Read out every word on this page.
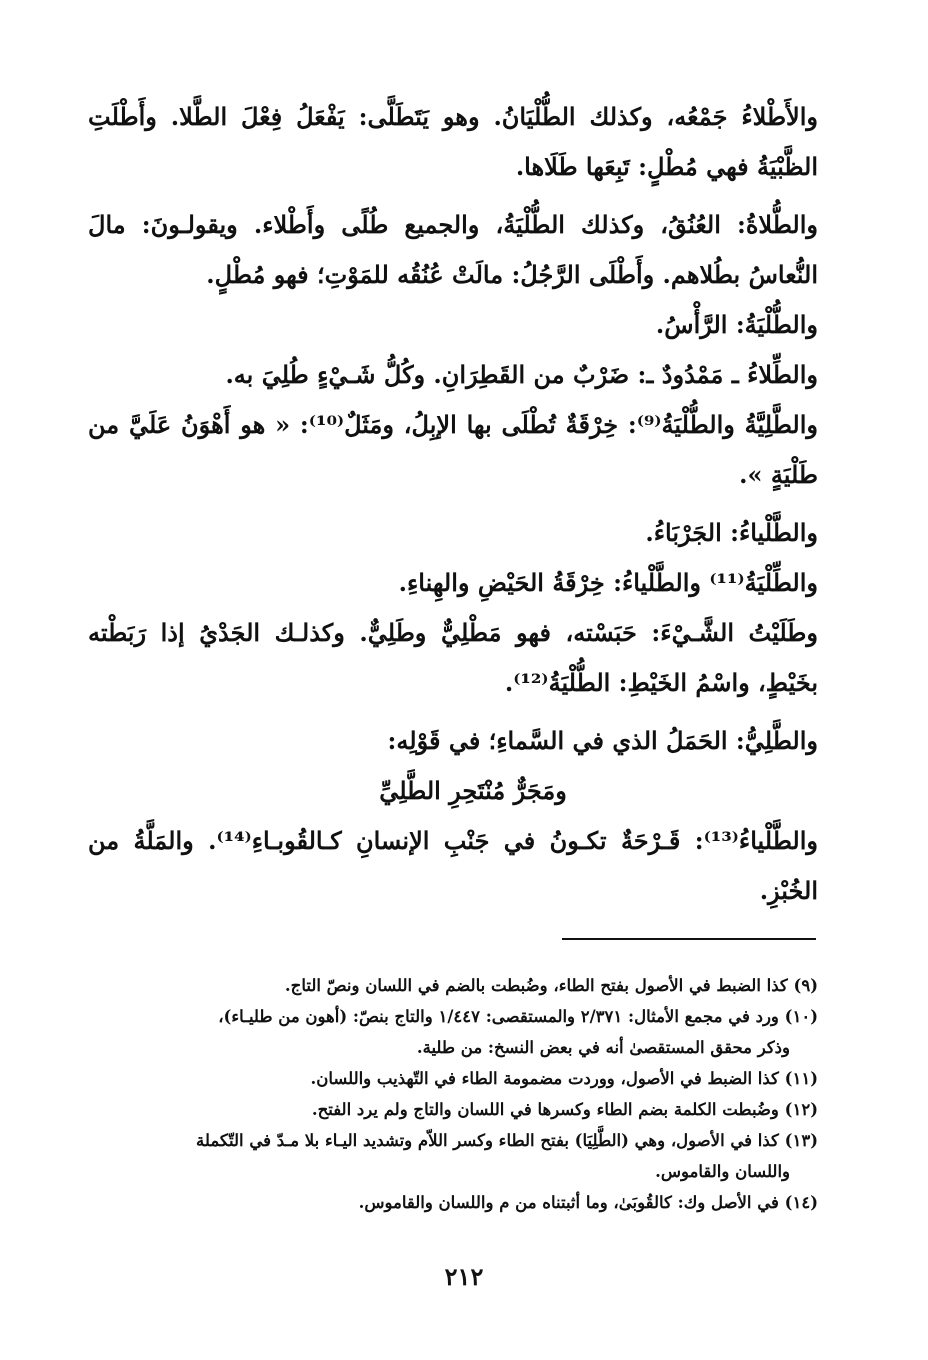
والأَطْلاءُ جَمْعُه، وكذلك الطُّلْيَانُ. وهو يَتَطَلَّى: يَفْعَلُ فِعْلَ الطَّلا. وأَطْلَتِ الظَّبْيَةُ فهي مُطْلٍ: تَبِعَها طَلَاها.

والطُّلاةُ: العُنُقُ، وكذلك الطُّلْيَةُ، والجميع طُلًى وأَطْلاء. ويقولـونَ: مالَ النُّعاسُ بطُلاهم. وأَطْلَى الرَّجُلُ: مالَتْ عُنُقُه للمَوْتِ؛ فهو مُطْلٍ.

والطُّلْيَةُ: الرَّأْسُ.

والطِّلاءُ ـ مَمْدُودٌ ـ: ضَرْبٌ من القَطِرَانِ. وكُلُّ شَـيْءٍ طُلِيَ به.

والطَّلِيَّةُ والطُّلْيَةُ⁽⁹⁾: خِرْقَةٌ تُطْلَى بها الإبِلُ، ومَثَلٌ⁽¹⁰⁾: « هو أَهْوَنُ عَلَيَّ من طَلْيَةٍ ».

والطَّلْياءُ: الجَرْبَاءُ.

والطِّلْيَةُ⁽¹¹⁾ والطَّلْياءُ: خِرْقَةُ الحَيْضِ والهِناءِ.

وطَلَيْتُ الشَّـيْءَ: حَبَسْته، فهو مَطْلِيٌّ وطَلِيٌّ. وكذلـك الجَدْيُ إذا رَبَطْته بخَيْطٍ، واسْمُ الخَيْطِ: الطُّلْيَةُ⁽¹²⁾.

والطَّلِيُّ: الحَمَلُ الذي في السَّماءِ؛ في قَوْلِه:

ومَجَرٌّ مُنْتَحِرِ الطَّلِيِّ

والطَّلْياءُ⁽¹³⁾: قَـرْحَةٌ تكـونُ في جَنْبِ الإنسانِ كـالقُوبـاءِ⁽¹⁴⁾. والمَلَّةُ من الخُبْزِ.

(٩) كذا الضبط في الأصول بفتح الطاء، وضُبطت بالضم في اللسان ونصّ التاج.

(١٠) ورد في مجمع الأمثال: ٢/٣٧١ والمستقصى: ١/٤٤٧ والتاج بنصّ: (أهون من طليـاء)،
وذكر محقق المستقصىٰ أنه في بعض النسخ: من طلية.

(١١) كذا الضبط في الأصول، ووردت مضمومة الطاء في التّهذيب واللسان.

(١٢) وضُبطت الكلمة بضم الطاء وكسرها في اللسان والتاج ولم يرد الفتح.

(١٣) كذا في الأصول، وهي (الطَّلِيَا) بفتح الطاء وكسر اللاّم وتشديد اليـاء بلا مـدّ في التّكملة
واللسان والقاموس.

(١٤) في الأصل وك: كالقُوبَىٰ، وما أثبتناه من م واللسان والقاموس.

٢١٢
